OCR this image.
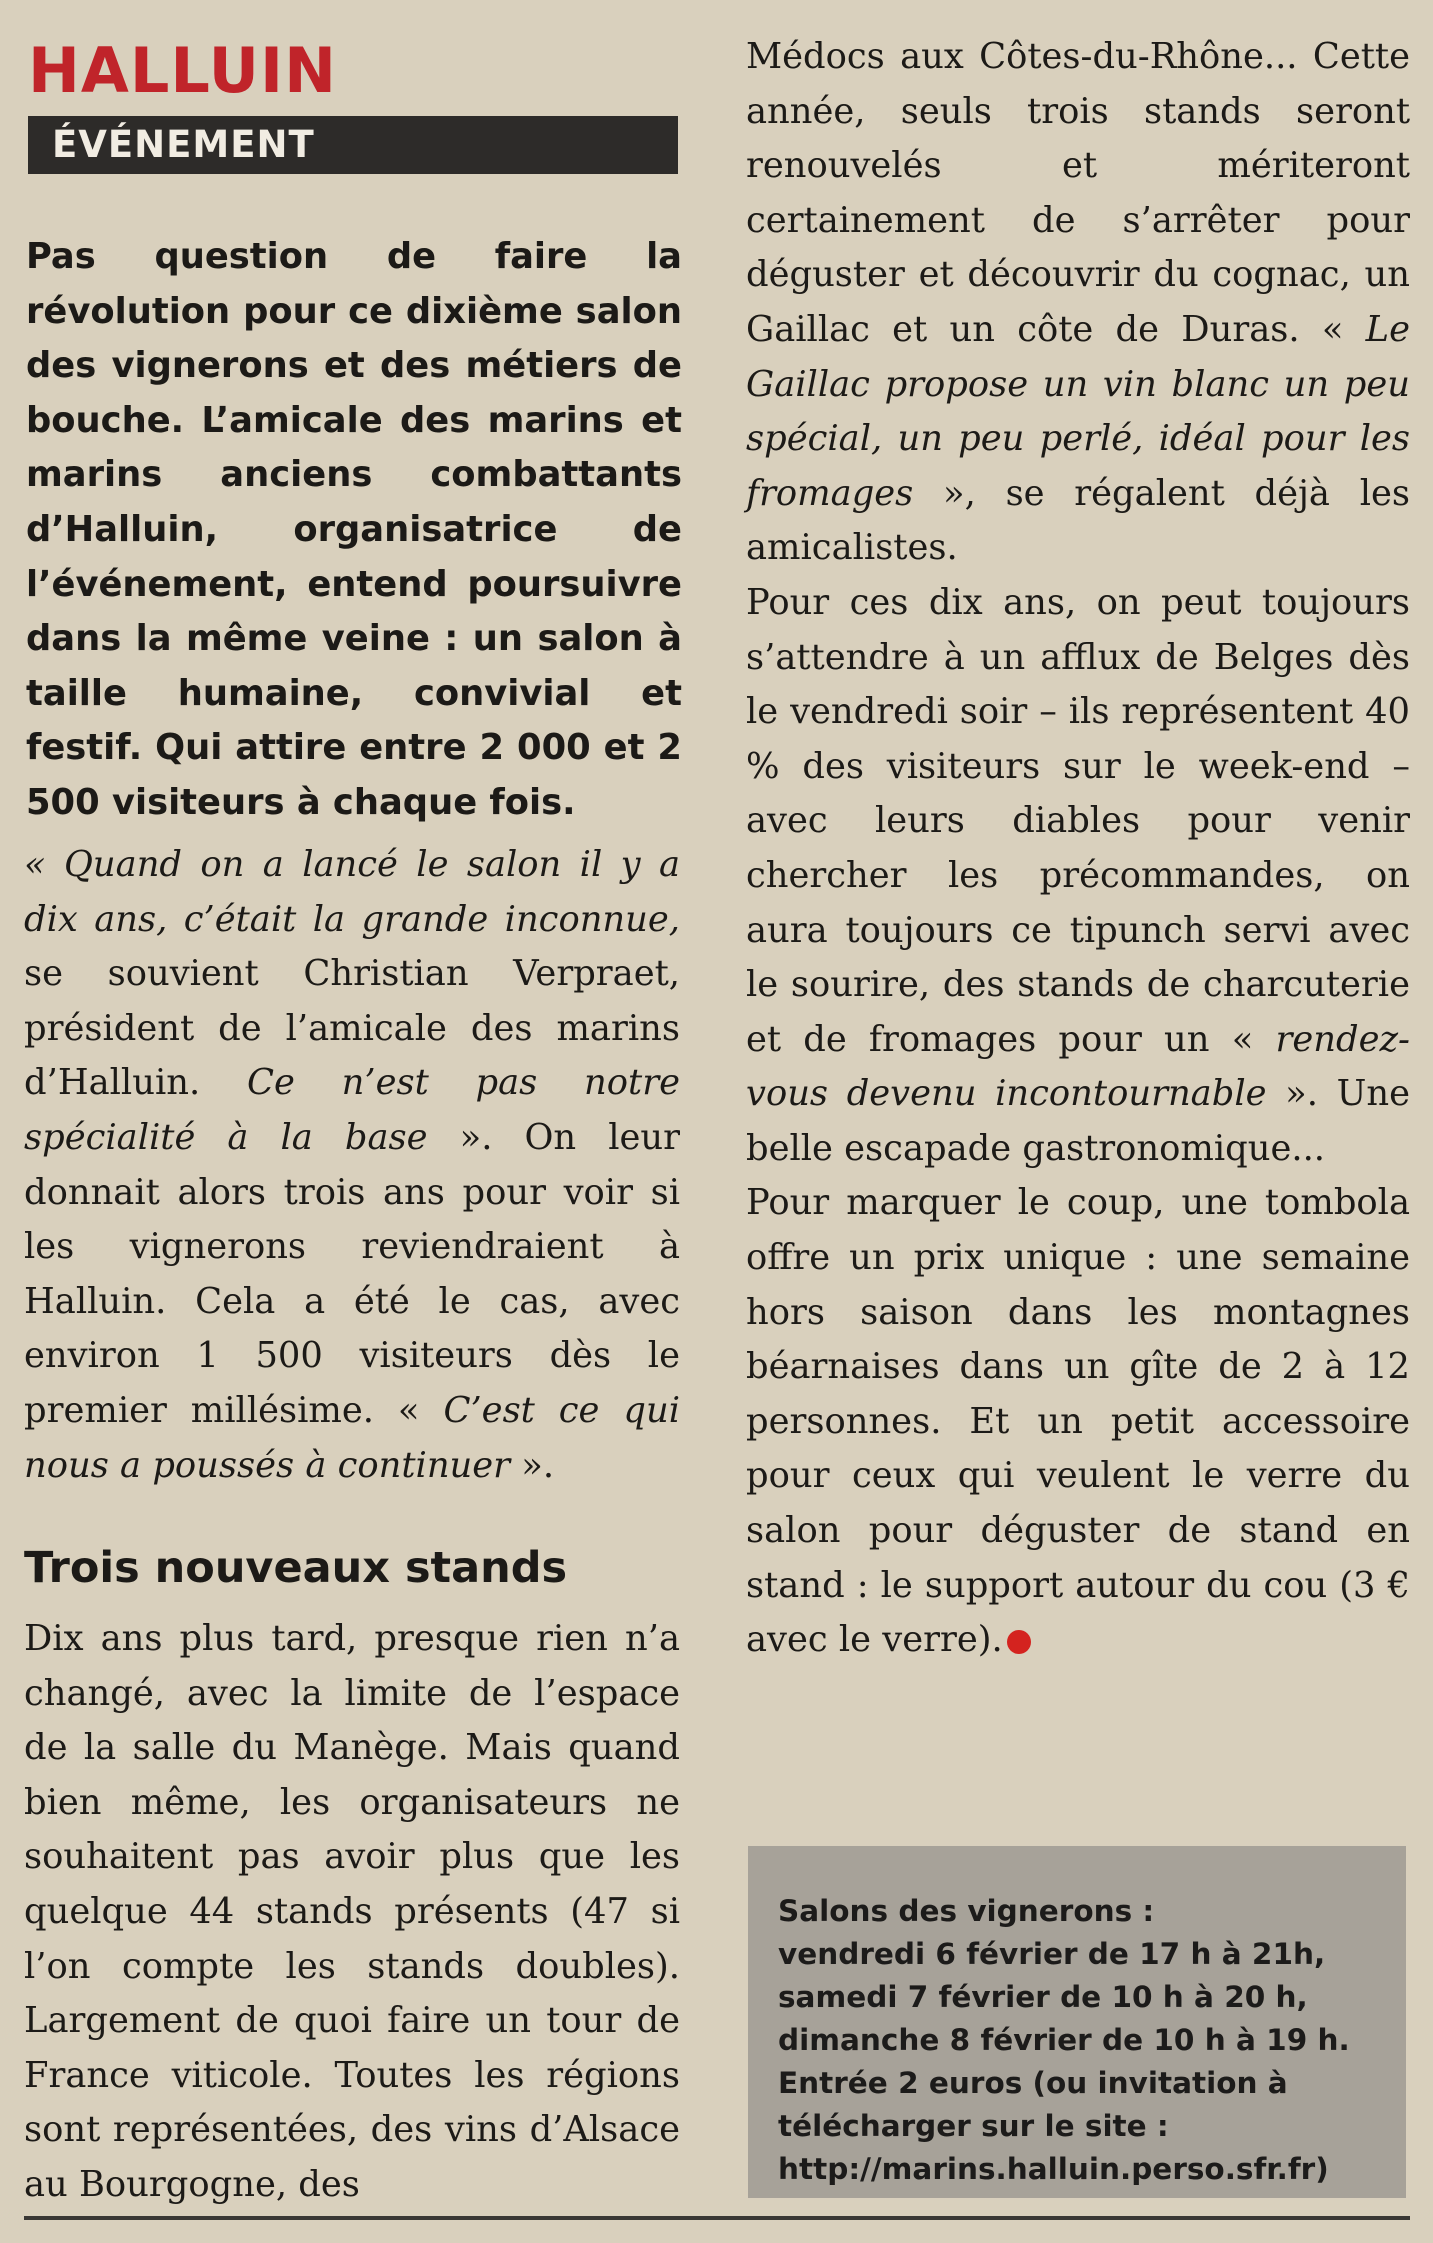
HALLUIN
ÉVÉNEMENT
Pas question de faire la révolution pour ce dixième salon des vignerons et des métiers de bouche. L’amicale des marins et marins anciens combattants d’Halluin, organisatrice de l’événement, entend poursuivre dans la même veine : un salon à taille humaine, convivial et festif. Qui attire entre 2 000 et 2 500 visiteurs à chaque fois.

« Quand on a lancé le salon il y a dix ans, c’était la grande inconnue, se souvient Christian Verpraet, président de l’amicale des marins d’Halluin. Ce n’est pas notre spécialité à la base ». On leur donnait alors trois ans pour voir si les vignerons reviendraient à Halluin. Cela a été le cas, avec environ 1 500 visiteurs dès le premier millésime. « C’est ce qui nous a poussés à continuer ».

Trois nouveaux stands

Dix ans plus tard, presque rien n’a changé, avec la limite de l’espace de la salle du Manège. Mais quand bien même, les organisateurs ne souhaitent pas avoir plus que les quelque 44 stands présents (47 si l’on compte les stands doubles). Largement de quoi faire un tour de France viticole. Toutes les régions sont représentées, des vins d’Alsace au Bourgogne, des

Médocs aux Côtes-du-Rhône... Cette année, seuls trois stands seront renouvelés et mériteront certainement de s’arrêter pour déguster et découvrir du cognac, un Gaillac et un côte de Duras. « Le Gaillac propose un vin blanc un peu spécial, un peu perlé, idéal pour les fromages », se régalent déjà les amicalistes.

Pour ces dix ans, on peut toujours s’attendre à un afflux de Belges dès le vendredi soir – ils représentent 40 % des visiteurs sur le week-end – avec leurs diables pour venir chercher les précommandes, on aura toujours ce tipunch servi avec le sourire, des stands de charcuterie et de fromages pour un « rendez-vous devenu incontournable ». Une belle escapade gastronomique...

Pour marquer le coup, une tombola offre un prix unique : une semaine hors saison dans les montagnes béarnaises dans un gîte de 2 à 12 personnes. Et un petit accessoire pour ceux qui veulent le verre du salon pour déguster de stand en stand : le support autour du cou (3 € avec le verre).

Salons des vignerons :
vendredi 6 février de 17 h à 21h,
samedi 7 février de 10 h à 20 h,
dimanche 8 février de 10 h à 19 h.
Entrée 2 euros (ou invitation à
télécharger sur le site :
http://marins.halluin.perso.sfr.fr)
